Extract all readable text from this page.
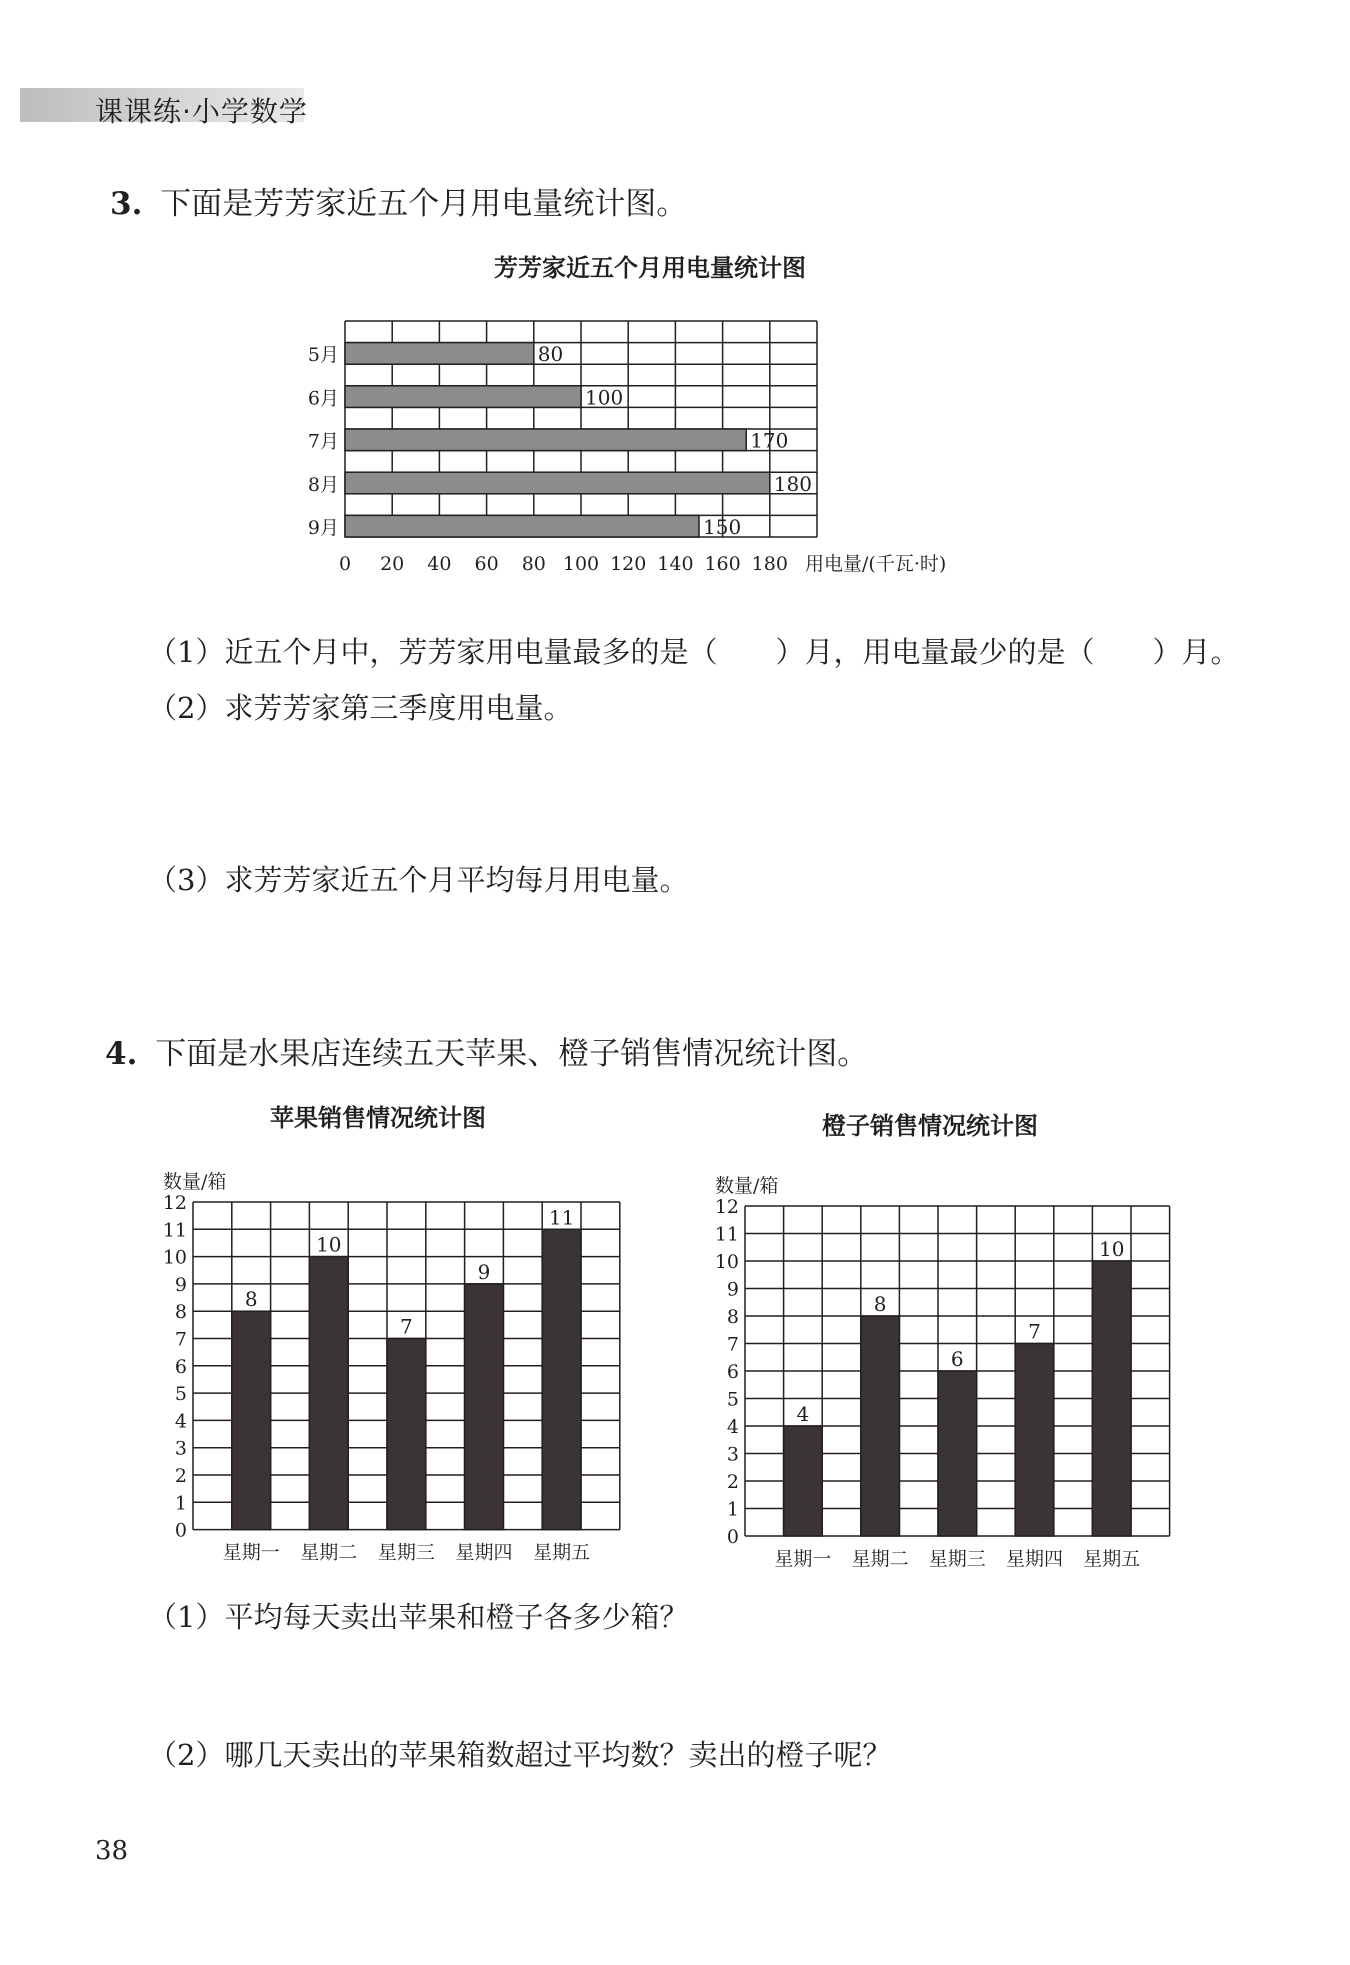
课课练·小学数学
3. 下面是芳芳家近五个月用电量统计图。
芳芳家近五个月用电量统计图
80
5月
100
6月
170
7月
180
8月
150
9月
0 20 40 60 80 100 120 140 160 180 用电量/(千瓦·时)
（1）近五个月中，芳芳家用电量最多的是（　　）月，用电量最少的是（　　）月。
（2）求芳芳家第三季度用电量。
（3）求芳芳家近五个月平均每月用电量。
4. 下面是水果店连续五天苹果、橙子销售情况统计图。
苹果销售情况统计图	橙子销售情况统计图
0
1
2
3
4
5
6
7
8
9
10
11
12
数量/箱
8
星期一
10
星期二
7
星期三
9
星期四
11
星期五
0
1
2
3
4
5
6
7
8
9
10
11
12
数量/箱
4
星期一
8
星期二
6
星期三
7
星期四
10
星期五
（1）平均每天卖出苹果和橙子各多少箱？
（2）哪几天卖出的苹果箱数超过平均数？卖出的橙子呢？
38
